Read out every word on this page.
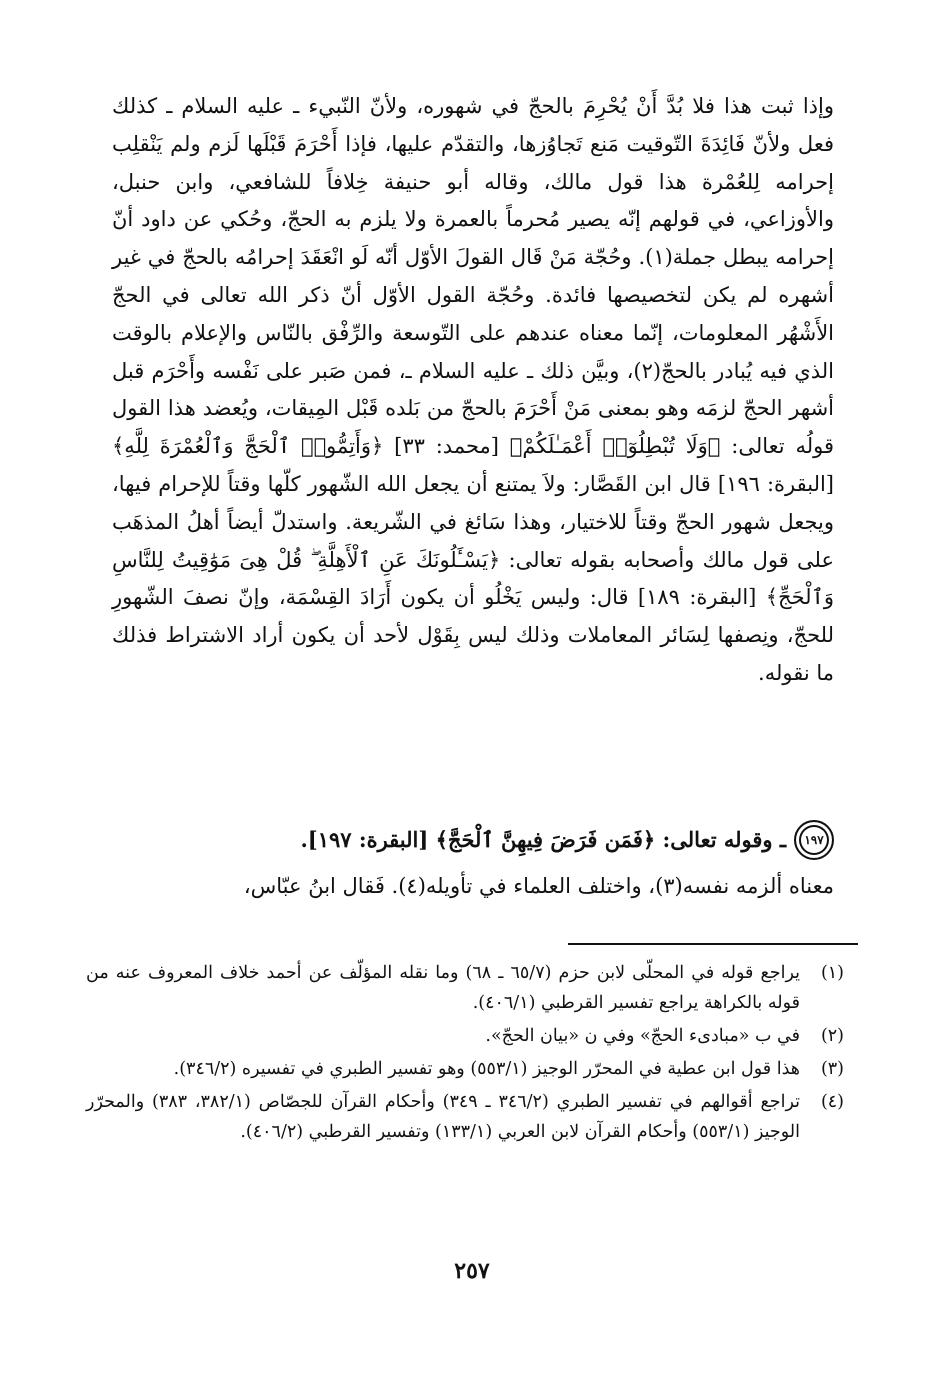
وإذا ثبت هذا فلا بُدَّ أَنْ يُحْرِمَ بالحجّ في شهوره، ولأنّ النّبيء ـ عليه السلام ـ كذلك فعل ولأنّ فَائِدَةَ التّوقيت مَنع تَجاوُزها، والتقدّم عليها، فإذا أَحْرَمَ قَبْلَها لَزم ولم يَنْقلِب إحرامه لِلعُمْرة هذا قول مالك، وقاله أبو حنيفة خِلافاً للشافعي، وابن حنبل، والأوزاعي، في قولهم إنّه يصير مُحرماً بالعمرة ولا يلزم به الحجّ، وحُكي عن داود أنّ إحرامه يبطل جملة(١). وحُجّة مَنْ قَال القولَ الأوّل أنّه لَو انْعَقَدَ إحرامُه بالحجّ في غير أشهره لم يكن لتخصيصها فائدة. وحُجّة القول الأوّل أنّ ذكر الله تعالى في الحجّ الأَشْهُر المعلومات، إنّما معناه عندهم على التّوسعة والرِّفْق بالنّاس والإعلام بالوقت الذي فيه يُبادر بالحجّ(٢)، وبيَّن ذلك ـ عليه السلام ـ، فمن صَبر على نَفْسه وأَحْرَم قبل أشهر الحجّ لزمَه وهو بمعنى مَنْ أَحْرَمَ بالحجّ من بَلده قَبْل المِيقات، ويُعضد هذا القول قولُه تعالى: ﴿وَلَا تُبْطِلُوٓا۟ أَعْمَـٰلَكُمْ﴾ [محمد: ٣٣] ﴿وَأَتِمُّوا۟ ٱلْحَجَّ وَٱلْعُمْرَةَ لِلَّهِ﴾ [البقرة: ١٩٦] قال ابن القَصَّار: ولاَ يمتنع أن يجعل الله الشّهور كلّها وقتاً للإحرام فيها، ويجعل شهور الحجّ وقتاً للاختيار، وهذا سَائغ في الشّريعة. واستدلّ أيضاً أهلُ المذهَب على قول مالك وأصحابه بقوله تعالى: ﴿يَسْـَٔلُونَكَ عَنِ ٱلْأَهِلَّةِ ۖ قُلْ هِىَ مَوَٰقِيتُ لِلنَّاسِ وَٱلْحَجِّ﴾ [البقرة: ١٨٩] قال: وليس يَخْلُو أن يكون أَرَادَ القِسْمَة، وإنّ نصفَ الشّهورِ للحجّ، ونِصفها لِسَائر المعاملات وذلك ليس بِقَوْل لأحد أن يكون أراد الاشتراط فذلك ما نقوله.

١٩٧
ـ وقوله تعالى: ﴿فَمَن فَرَضَ فِيهِنَّ ٱلْحَجَّ﴾ [البقرة: ١٩٧].
معناه ألزمه نفسه(٣)، واختلف العلماء في تأويله(٤). فَقال ابنُ عبّاس،
(١)
يراجع قوله في المحلّى لابن حزم (٦٥/٧ ـ ٦٨) وما نقله المؤلّف عن أحمد خلاف المعروف عنه من قوله بالكراهة يراجع تفسير القرطبي (٤٠٦/١).
(٢)
في ب «مبادىء الحجّ» وفي ن «بيان الحجّ».
(٣)
هذا قول ابن عطية في المحرّر الوجيز (٥٥٣/١) وهو تفسير الطبري في تفسيره (٣٤٦/٢).
(٤)
تراجع أقوالهم في تفسير الطبري (٣٤٦/٢ ـ ٣٤٩) وأحكام القرآن للجصّاص (٣٨٢/١، ٣٨٣) والمحرّر الوجيز (٥٥٣/١) وأحكام القرآن لابن العربي (١٣٣/١) وتفسير القرطبي (٤٠٦/٢).
٢٥٧
